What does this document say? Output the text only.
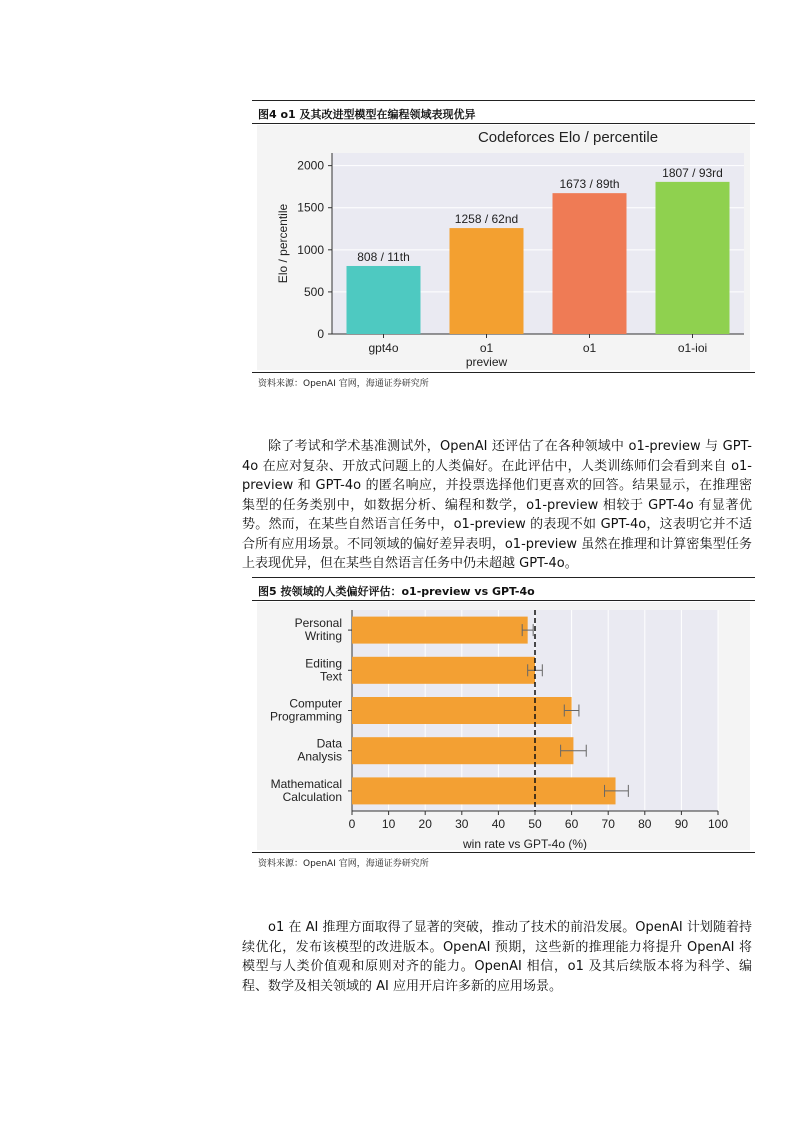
图4 o1 及其改进型模型在编程领域表现优异
0
500
1000
1500
2000
808 / 11th
gpt4o
1258 / 62nd
o1
preview
1673 / 89th
o1
1807 / 93rd
o1-ioi
Codeforces Elo / percentile
Elo / percentile
资料来源：OpenAI 官网，海通证券研究所

除了考试和学术基准测试外，OpenAI 还评估了在各种领域中 o1-preview 与 GPT-4o 在应对复杂、开放式问题上的人类偏好。在此评估中，人类训练师们会看到来自 o1-preview 和 GPT-4o 的匿名响应，并投票选择他们更喜欢的回答。结果显示，在推理密集型的任务类别中，如数据分析、编程和数学，o1-preview 相较于 GPT-4o 有显著优势。然而，在某些自然语言任务中，o1-preview 的表现不如 GPT-4o，这表明它并不适合所有应用场景。不同领域的偏好差异表明，o1-preview 虽然在推理和计算密集型任务上表现优异，但在某些自然语言任务中仍未超越 GPT-4o。

图5 按领域的人类偏好评估：o1-preview vs GPT-4o
0 10 20 30 40 50 60 70 80 90 100
Personal
Writing
Editing
Text
Computer
Programming
Data
Analysis
Mathematical
Calculation
win rate vs GPT-4o (%)
资料来源：OpenAI 官网，海通证券研究所

o1 在 AI 推理方面取得了显著的突破，推动了技术的前沿发展。OpenAI 计划随着持续优化，发布该模型的改进版本。OpenAI 预期，这些新的推理能力将提升 OpenAI 将模型与人类价值观和原则对齐的能力。OpenAI 相信，o1 及其后续版本将为科学、编程、数学及相关领域的 AI 应用开启许多新的应用场景。
